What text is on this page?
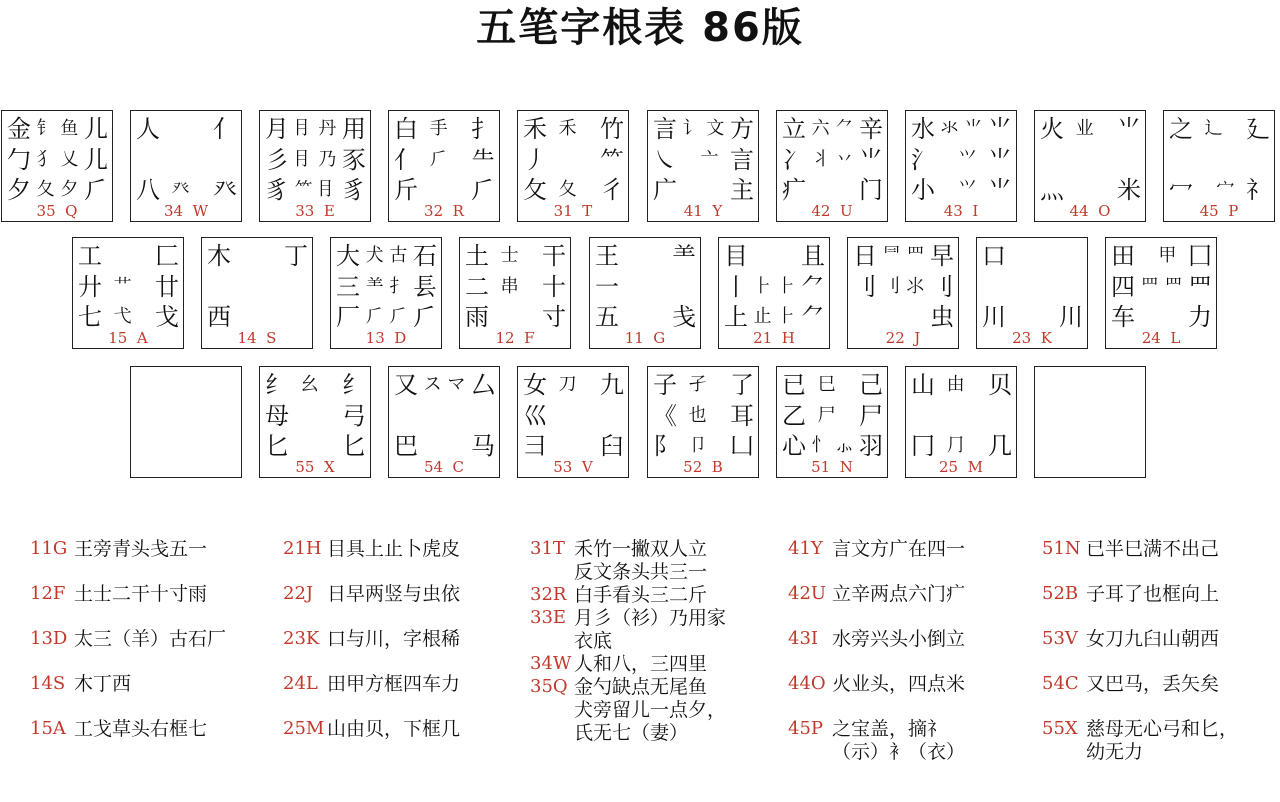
五笔字根表 86版
金 钅 鱼 儿
勹 犭 乂 儿
夕 夂 夕 ⺁
35  Q
人 亻
八 癶 癶
34  W
月 ⺝ 丹 用
彡 ⺝ 乃 豕
豸 ⺮ ⺝ 豸
33  E
白 手 扌
⺅ ⺁ ⺧
斤 ⺁
32  R
禾 禾 竹
丿 ⺮
攵 夂 彳
31  T
言 讠 文 方
㇏ 亠 言
广 主
41  Y
立 六 ⺈ 辛
冫 丬 丷 ⺌
疒 门
42  U
水 氺 ⺌ ⺌
氵 ⺍ ⺌
小 ⺍ ⺌
43  I
火 业 ⺌
灬 米
44  O
之 辶 廴
冖 宀 礻
45  P
工 匚
廾 艹 廿
七 弋 戈
15  A
木 丁
西
14  S
大 犬 古 石
三 ⺷ ⺘ 镸
厂 ⺁ ⺁ ⺁
13  D
土 士 干
二 串 十
雨 寸
12  F
王 ⺷
一
五 戋
11  G
目 且
丨 ⺊ ⺊ ⺈
上 止 ⺊ ⺈
21  H
日 ⺜ ⺫ 早
刂 刂 ⺢ 刂
虫
22  J
口
川 川
23  K
田 甲 囗
四 ⺫ ⺫ ⺫
车 力
24  L
纟 幺 纟
母 弓
匕 匕
55  X
又 ス マ 厶
巴 马
54  C
女 刀 九
巛
彐 臼
53  V
子 孑 了
《 也 耳
阝 卩 凵
52  B
已 巳 己
乙 尸 尸
心 忄 ⺗ 羽
51  N
山 由 贝
冂 ⺆ 几
25  M
11G 王旁青头戋五一
12F 土士二干十寸雨
13D 太三（羊）古石厂
14S 木丁西
15A 工戈草头右框七
21H 目具上止卜虎皮
22J 日早两竖与虫依
23K 口与川，字根稀
24L 田甲方框四车力
25M 山由贝，下框几
31T 禾竹一撇双人立
反文条头共三一
32R 白手看头三二斤
33E 月彡（衫）乃用家
衣底
34W 人和八，三四里
35Q 金勺缺点无尾鱼
犬旁留儿一点夕，
氏无七（妻）
41Y 言文方广在四一
42U 立辛两点六门疒
43I 水旁兴头小倒立
44O 火业头，四点米
45P 之宝盖，摘礻
（示）衤（衣）
51N 已半巳满不出己
52B 子耳了也框向上
53V 女刀九臼山朝西
54C 又巴马，丢矢矣
55X 慈母无心弓和匕，
幼无力
